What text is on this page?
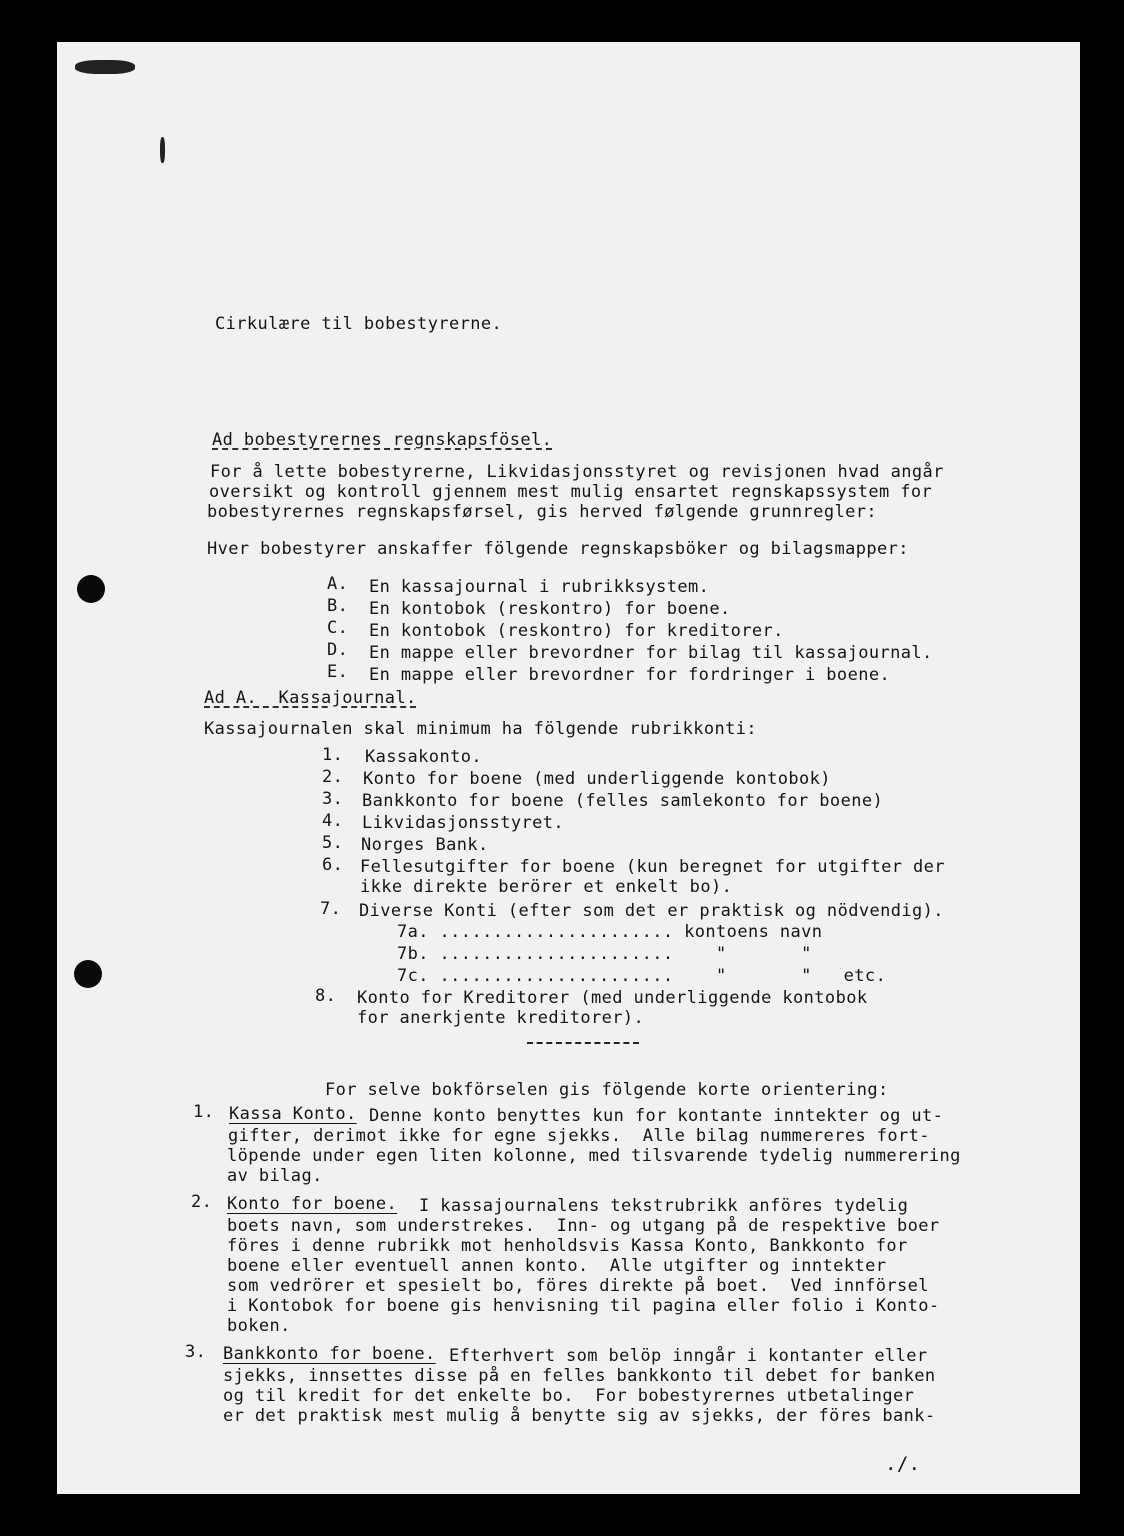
Cirkulære til bobestyrerne.
Ad bobestyrernes regnskapsfösel.
For å lette bobestyrerne, Likvidasjonsstyret og revisjonen hvad angår
oversikt og kontroll gjennem mest mulig ensartet regnskapssystem for
bobestyrernes regnskapsførsel, gis herved følgende grunnregler:
Hver bobestyrer anskaffer fölgende regnskapsböker og bilagsmapper:
A. En kassajournal i rubrikksystem.
B. En kontobok (reskontro) for boene.
C. En kontobok (reskontro) for kreditorer.
D. En mappe eller brevordner for bilag til kassajournal.
E. En mappe eller brevordner for fordringer i boene.
Ad A.  Kassajournal.
Kassajournalen skal minimum ha fölgende rubrikkonti:
1. Kassakonto.
2. Konto for boene (med underliggende kontobok)
3. Bankkonto for boene (felles samlekonto for boene)
4. Likvidasjonsstyret.
5. Norges Bank.
6. Fellesutgifter for boene (kun beregnet for utgifter der
ikke direkte berörer et enkelt bo).
7. Diverse Konti (efter som det er praktisk og nödvendig).
7a. ...................... kontoens navn
7b. ......................    "       "
7c. ......................    "       "   etc.
8. Konto for Kreditorer (med underliggende kontobok
for anerkjente kreditorer).
For selve bokförselen gis fölgende korte orientering:
1. Kassa Konto. Denne konto benyttes kun for kontante inntekter og ut-
gifter, derimot ikke for egne sjekks.  Alle bilag nummereres fort-
löpende under egen liten kolonne, med tilsvarende tydelig nummerering
av bilag.
2. Konto for boene. I kassajournalens tekstrubrikk anföres tydelig
boets navn, som understrekes.  Inn- og utgang på de respektive boer
föres i denne rubrikk mot henholdsvis Kassa Konto, Bankkonto for
boene eller eventuell annen konto.  Alle utgifter og inntekter
som vedrörer et spesielt bo, föres direkte på boet.  Ved innförsel
i Kontobok for boene gis henvisning til pagina eller folio i Konto-
boken.
3. Bankkonto for boene. Efterhvert som belöp inngår i kontanter eller
sjekks, innsettes disse på en felles bankkonto til debet for banken
og til kredit for det enkelte bo.  For bobestyrernes utbetalinger
er det praktisk mest mulig å benytte sig av sjekks, der föres bank-
./.
